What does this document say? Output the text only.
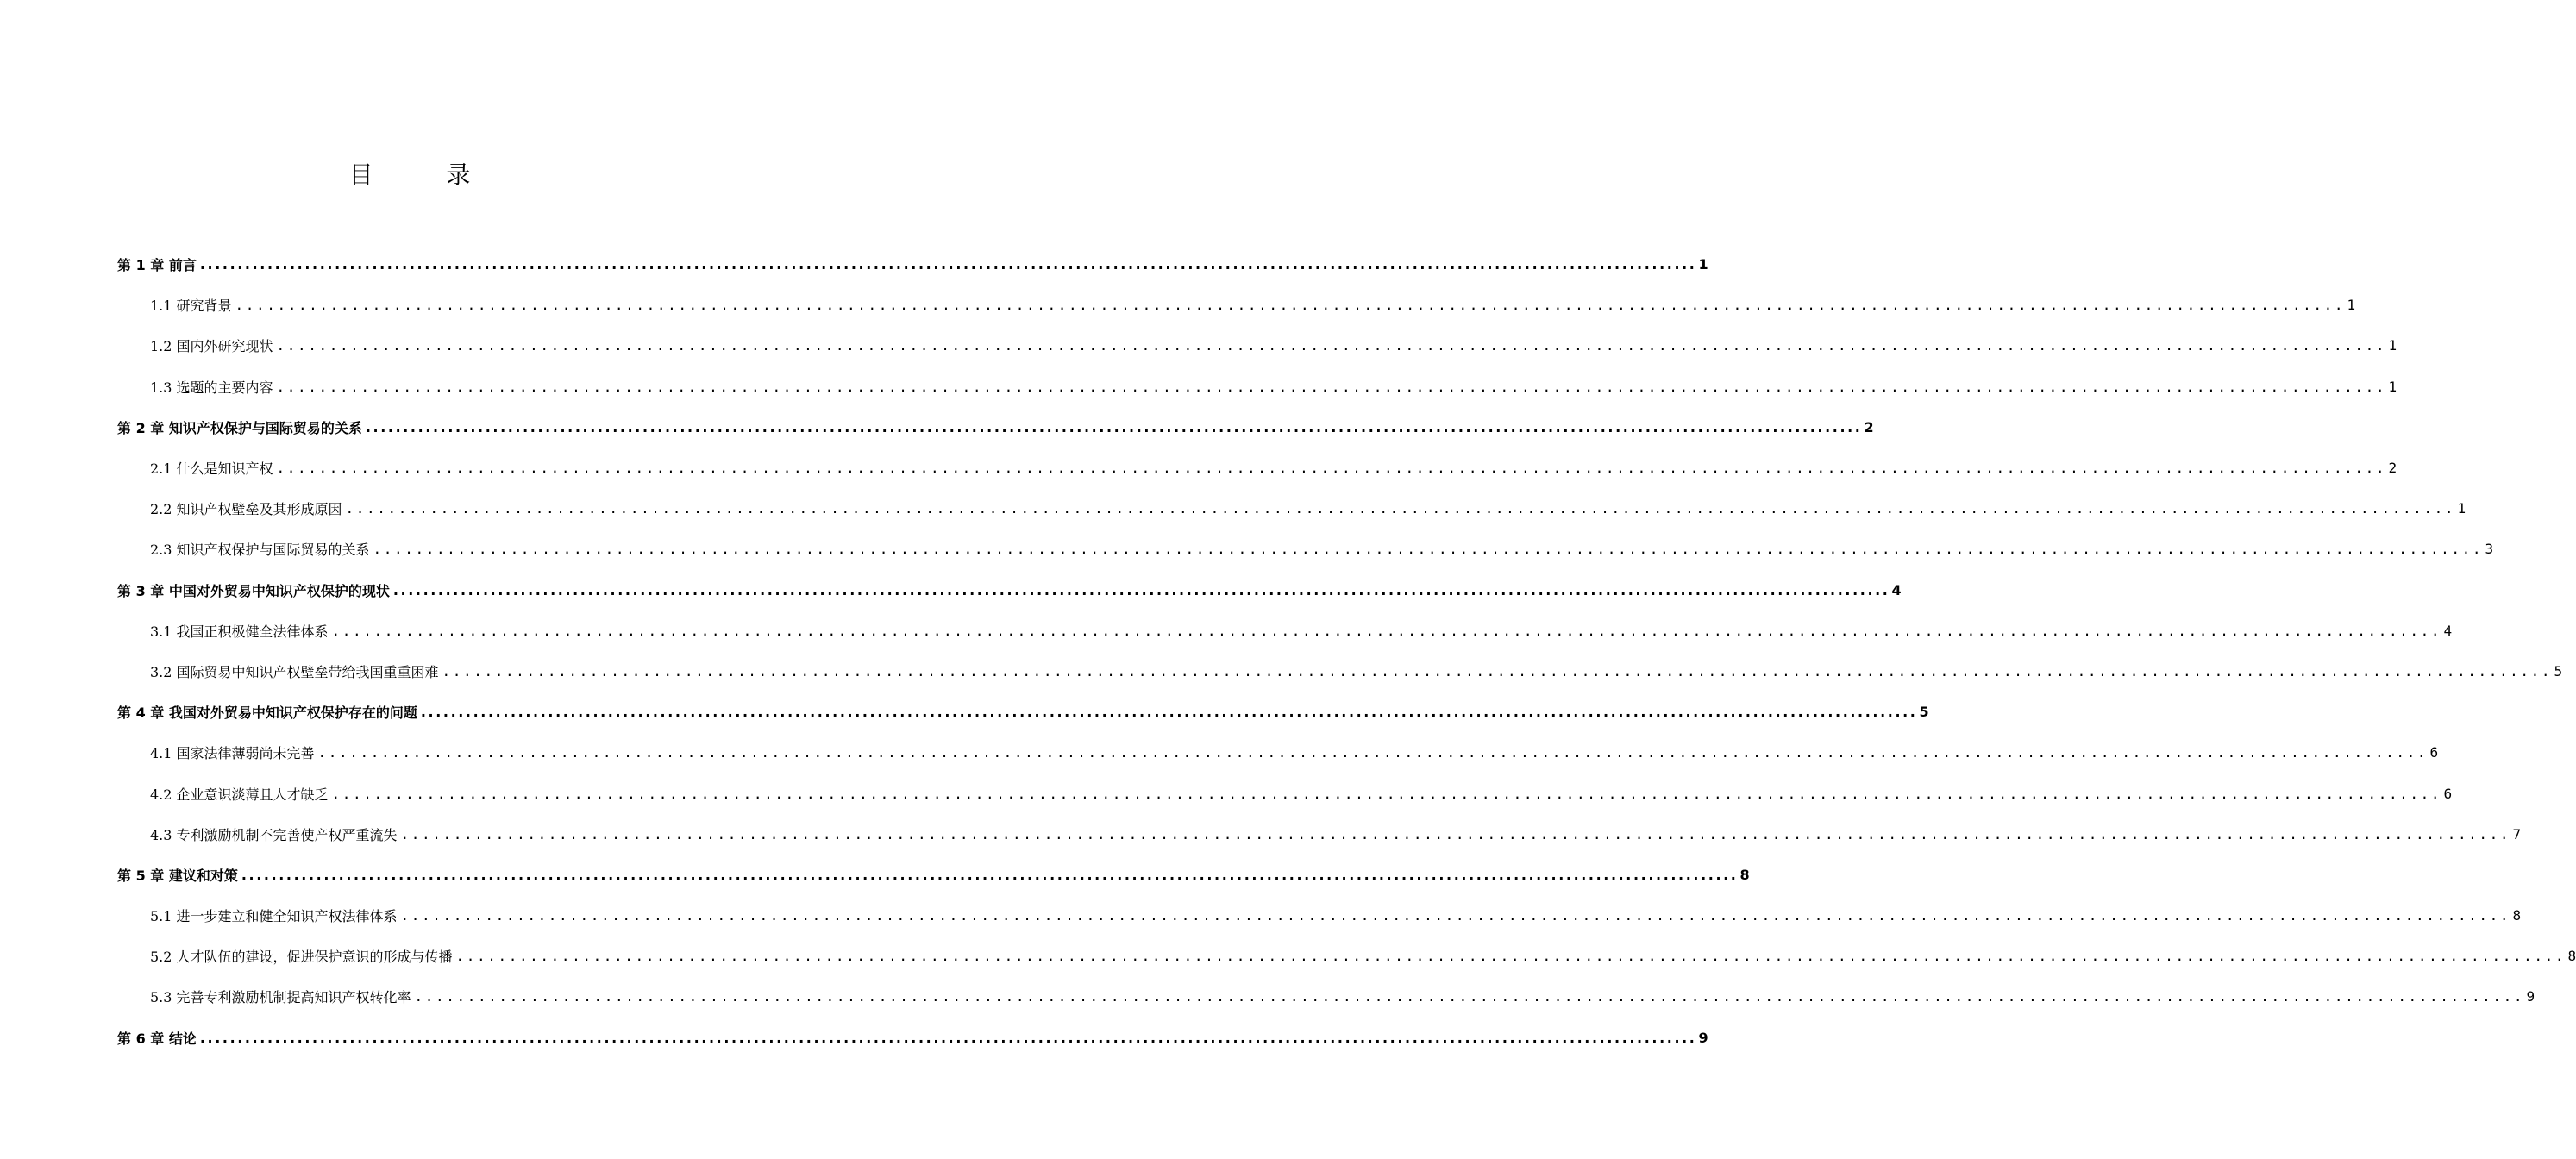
目 录
第 1 章 前言 ........................................................................................................................................................................................................ 1
1.1 研究背景 ........................................................................................................................................................................................................ 1
1.2 国内外研究现状 ........................................................................................................................................................................................................ 1
1.3 选题的主要内容 ........................................................................................................................................................................................................ 1
第 2 章 知识产权保护与国际贸易的关系 ........................................................................................................................................................................................................ 2
2.1 什么是知识产权 ........................................................................................................................................................................................................ 2
2.2 知识产权壁垒及其形成原因 ........................................................................................................................................................................................................ 1
2.3 知识产权保护与国际贸易的关系 ........................................................................................................................................................................................................ 3
第 3 章 中国对外贸易中知识产权保护的现状 ........................................................................................................................................................................................................ 4
3.1 我国正积极健全法律体系 ........................................................................................................................................................................................................ 4
3.2 国际贸易中知识产权壁垒带给我国重重困难 ........................................................................................................................................................................................................ 5
第 4 章 我国对外贸易中知识产权保护存在的问题 ........................................................................................................................................................................................................ 5
4.1 国家法律薄弱尚未完善 ........................................................................................................................................................................................................ 6
4.2 企业意识淡薄且人才缺乏 ........................................................................................................................................................................................................ 6
4.3 专利激励机制不完善使产权严重流失 ........................................................................................................................................................................................................ 7
第 5 章 建议和对策 ........................................................................................................................................................................................................ 8
5.1 进一步建立和健全知识产权法律体系 ........................................................................................................................................................................................................ 8
5.2 人才队伍的建设，促进保护意识的形成与传播 ........................................................................................................................................................................................................ 8
5.3 完善专利激励机制提高知识产权转化率 ........................................................................................................................................................................................................ 9
第 6 章 结论 ........................................................................................................................................................................................................ 9
